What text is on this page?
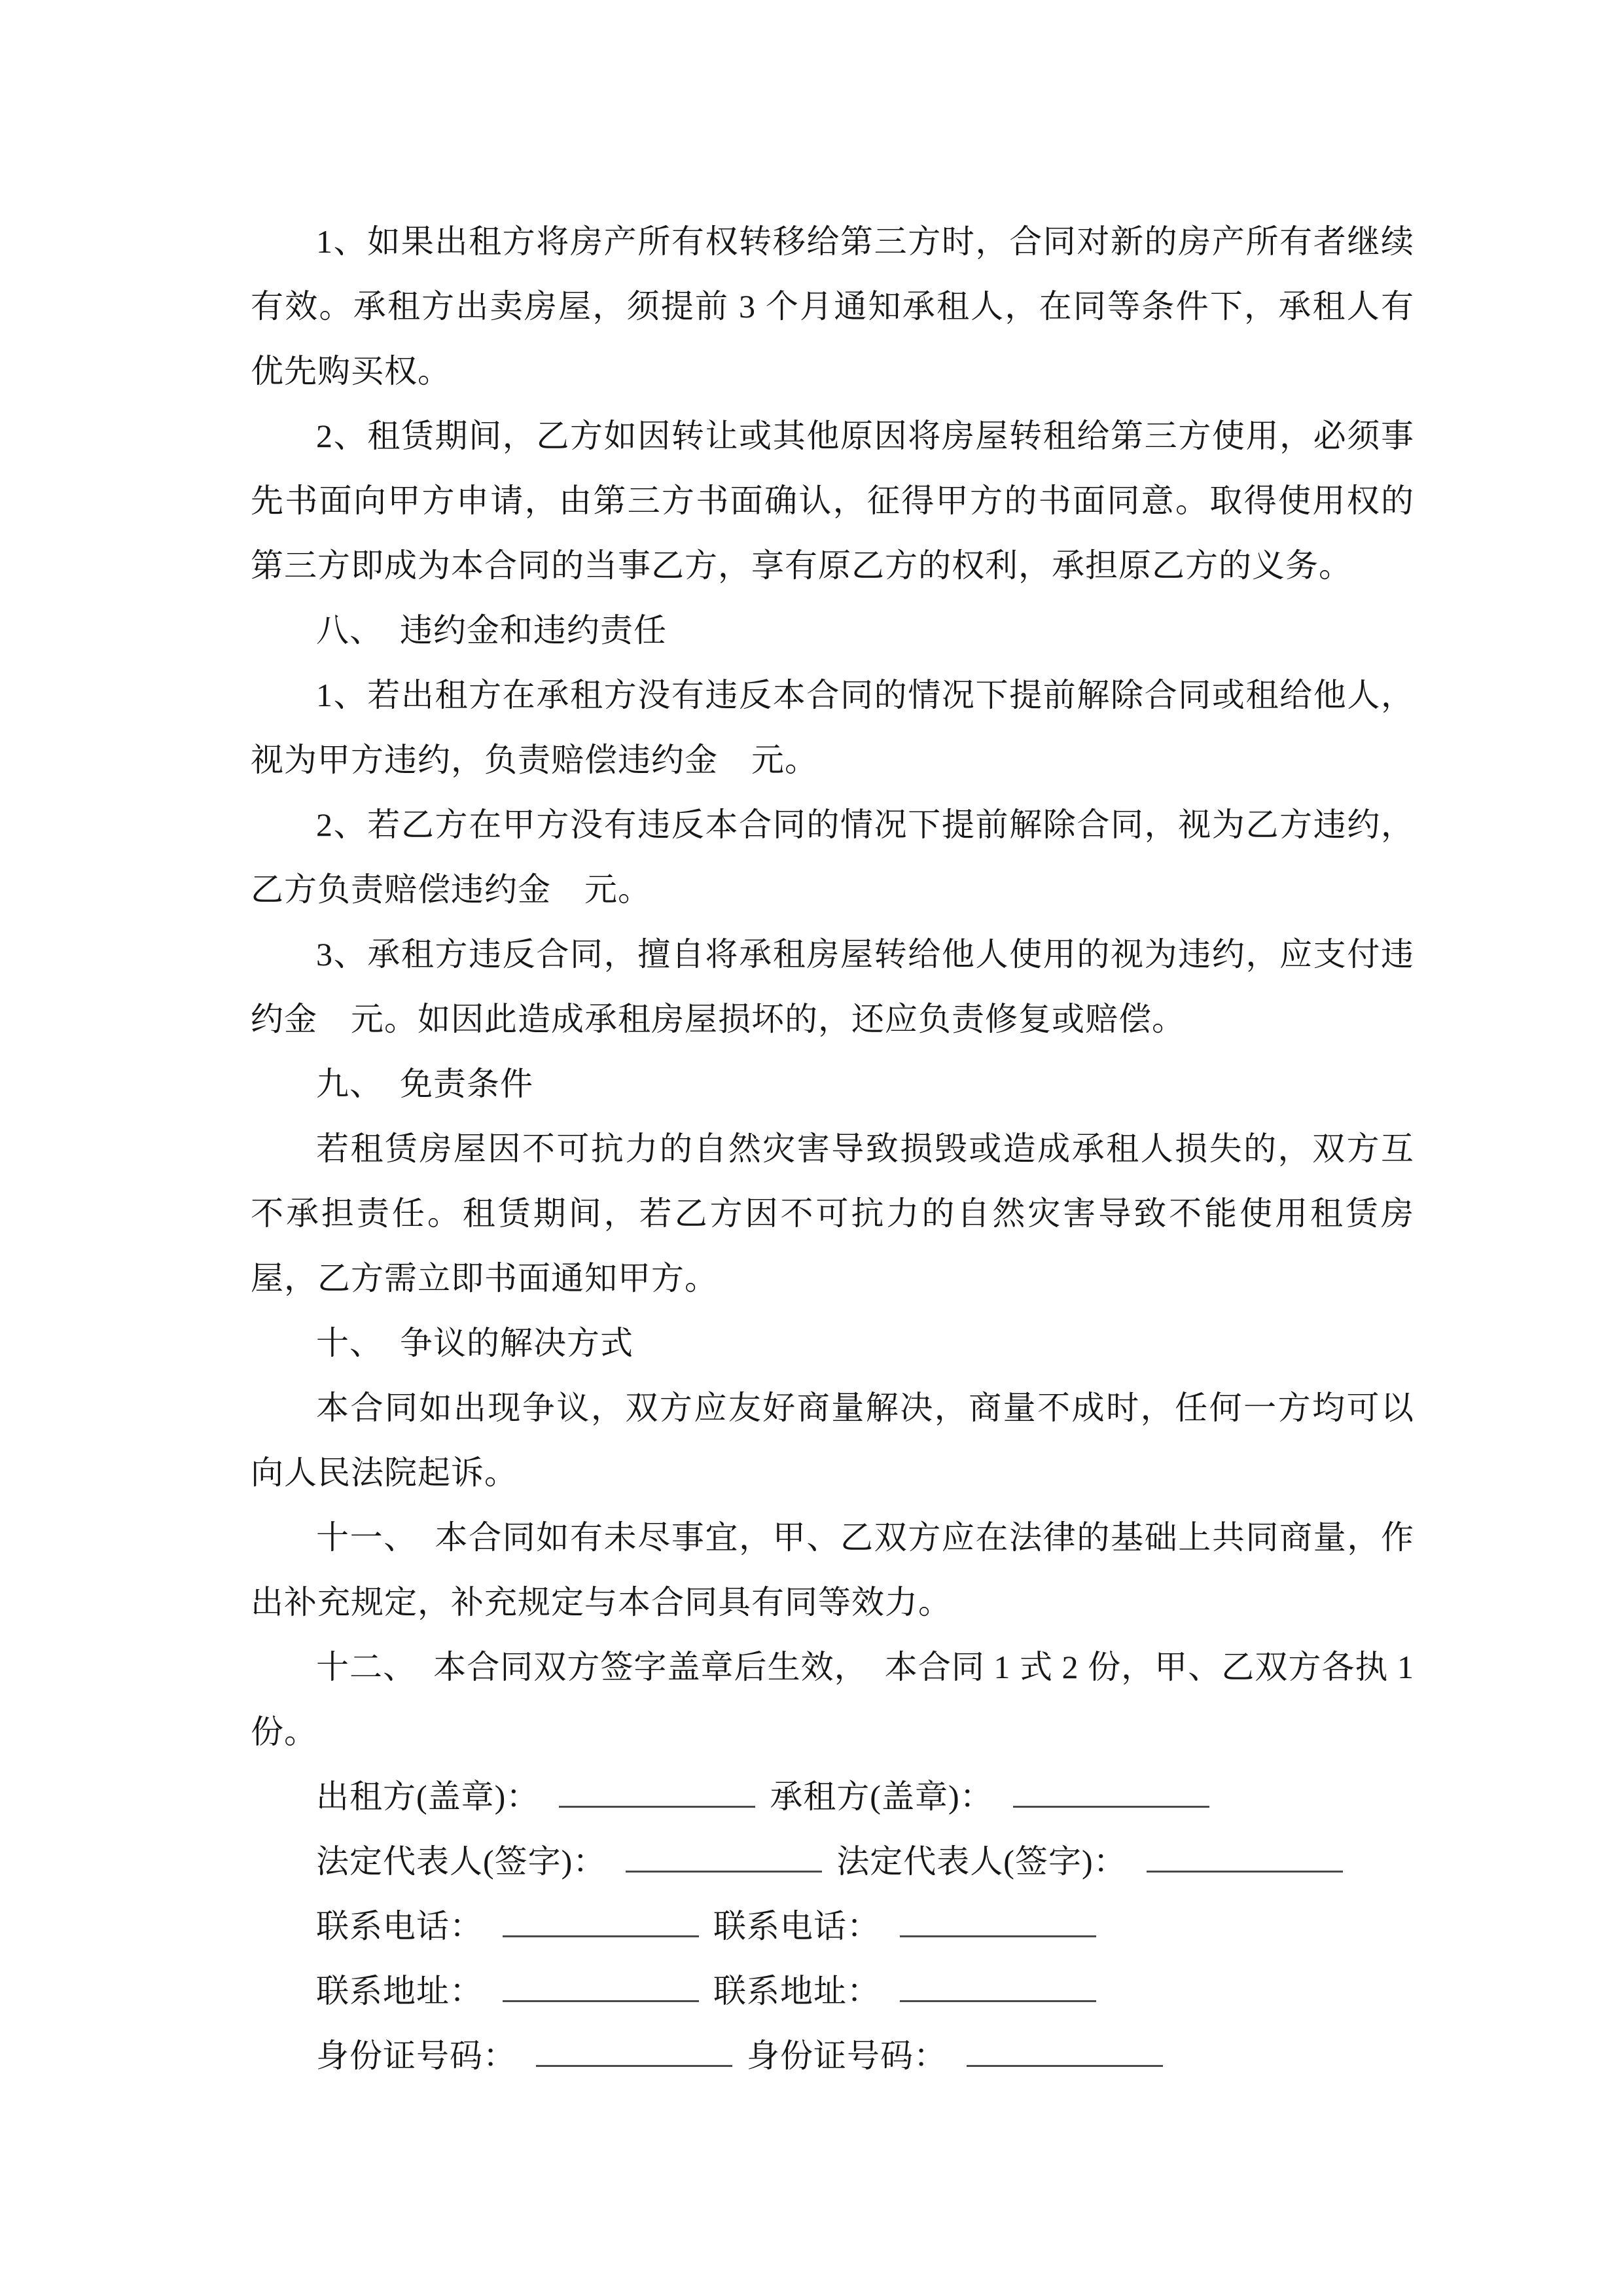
1、如果出租方将房产所有权转移给第三方时，合同对新的房产所有者继续有效。承租方出卖房屋，须提前 3 个月通知承租人，在同等条件下，承租人有优先购买权。

2、租赁期间，乙方如因转让或其他原因将房屋转租给第三方使用，必须事先书面向甲方申请，由第三方书面确认，征得甲方的书面同意。取得使用权的第三方即成为本合同的当事乙方，享有原乙方的权利，承担原乙方的义务。

八、　违约金和违约责任

1、若出租方在承租方没有违反本合同的情况下提前解除合同或租给他人，视为甲方违约，负责赔偿违约金　元。

2、若乙方在甲方没有违反本合同的情况下提前解除合同，视为乙方违约，乙方负责赔偿违约金　元。

3、承租方违反合同，擅自将承租房屋转给他人使用的视为违约，应支付违约金　元。如因此造成承租房屋损坏的，还应负责修复或赔偿。

九、　免责条件

若租赁房屋因不可抗力的自然灾害导致损毁或造成承租人损失的，双方互不承担责任。租赁期间，若乙方因不可抗力的自然灾害导致不能使用租赁房屋，乙方需立即书面通知甲方。

十、　争议的解决方式

本合同如出现争议，双方应友好商量解决，商量不成时，任何一方均可以向人民法院起诉。

十一、　本合同如有未尽事宜，甲、乙双方应在法律的基础上共同商量，作出补充规定，补充规定与本合同具有同等效力。

十二、　本合同双方签字盖章后生效，　本合同 1 式 2 份，甲、乙双方各执 1 份。

出租方(盖章)：	承租方(盖章)：
法定代表人(签字)：	法定代表人(签字)：
联系电话：	联系电话：
联系地址：	联系地址：
身份证号码：	身份证号码：
